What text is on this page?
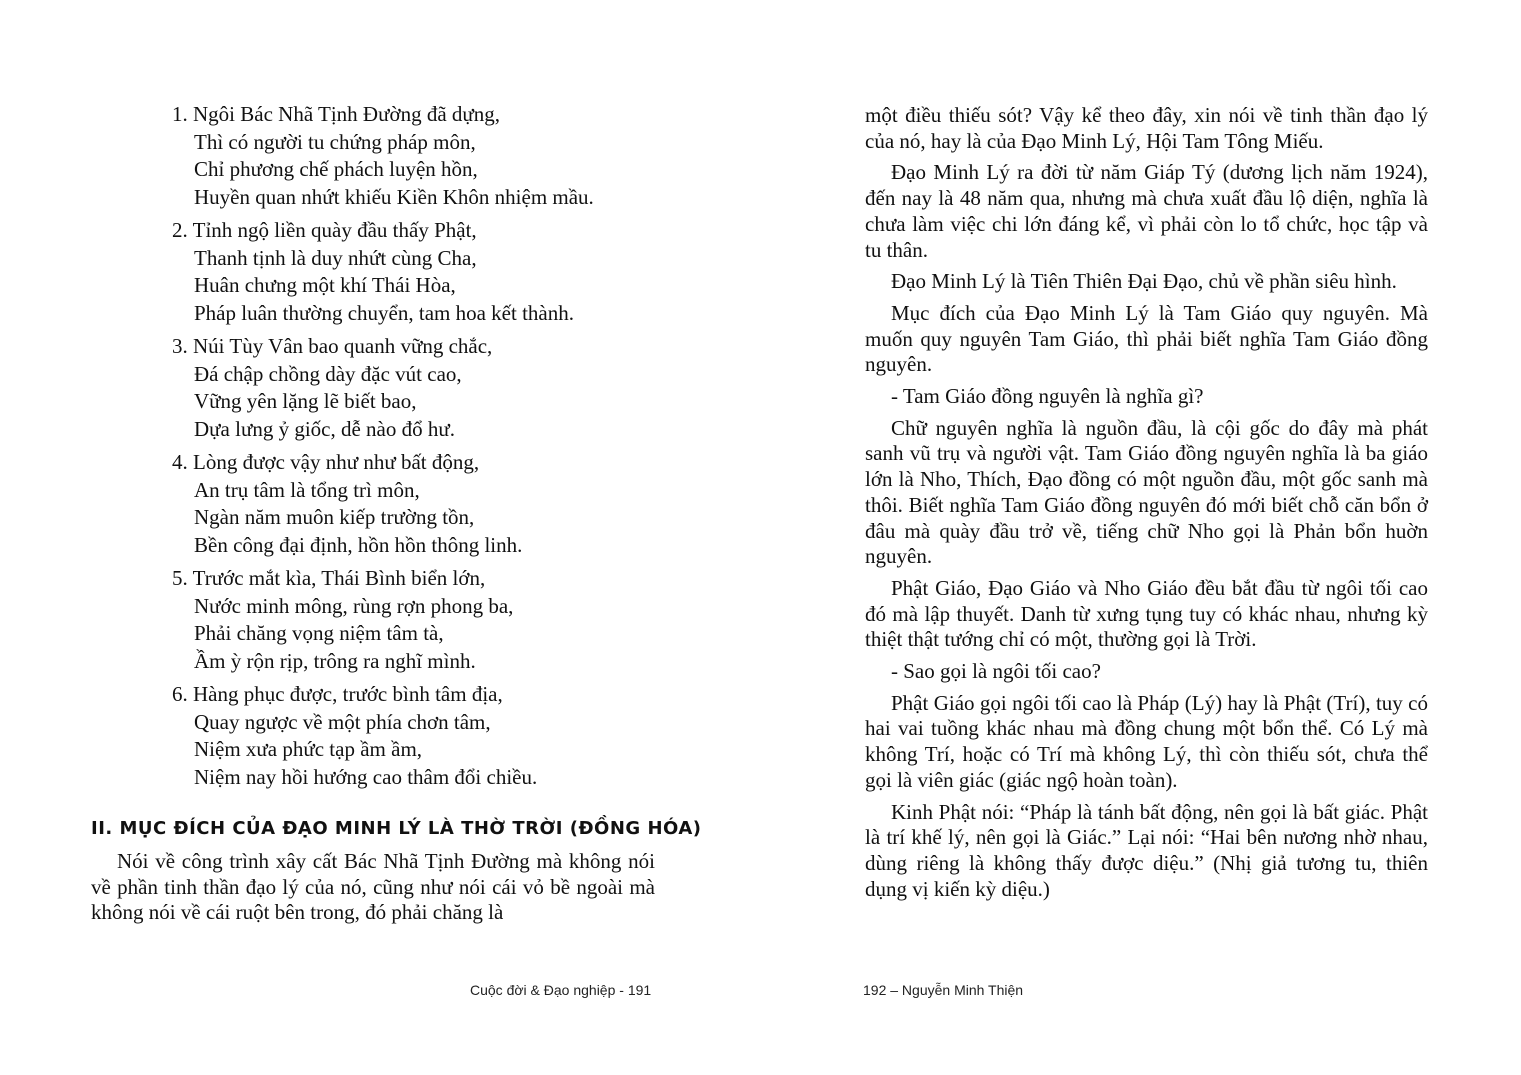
1. Ngôi Bác Nhã Tịnh Đường đã dựng,
Thì có người tu chứng pháp môn,
Chỉ phương chế phách luyện hồn,
Huyền quan nhứt khiếu Kiền Khôn nhiệm mầu.
2. Tỉnh ngộ liền quày đầu thấy Phật,
Thanh tịnh là duy nhứt cùng Cha,
Huân chưng một khí Thái Hòa,
Pháp luân thường chuyển, tam hoa kết thành.
3. Núi Tùy Vân bao quanh vững chắc,
Đá chập chồng dày đặc vút cao,
Vững yên lặng lẽ biết bao,
Dựa lưng ỷ giốc, dễ nào đổ hư.
4. Lòng được vậy như như bất động,
An trụ tâm là tổng trì môn,
Ngàn năm muôn kiếp trường tồn,
Bền công đại định, hồn hồn thông linh.
5. Trước mắt kìa, Thái Bình biển lớn,
Nước minh mông, rùng rợn phong ba,
Phải chăng vọng niệm tâm tà,
Ầm ỳ rộn rịp, trông ra nghĩ mình.
6. Hàng phục được, trước bình tâm địa,
Quay ngược về một phía chơn tâm,
Niệm xưa phức tạp ầm ầm,
Niệm nay hồi hướng cao thâm đổi chiều.
II. MỤC ĐÍCH CỦA ĐẠO MINH LÝ LÀ THỜ TRỜI (ĐỒNG HÓA)

Nói về công trình xây cất Bác Nhã Tịnh Đường mà không nói về phần tinh thần đạo lý của nó, cũng như nói cái vỏ bề ngoài mà không nói về cái ruột bên trong, đó phải chăng là

Cuộc đời & Đạo nghiệp - 191

một điều thiếu sót? Vậy kể theo đây, xin nói về tinh thần đạo lý của nó, hay là của Đạo Minh Lý, Hội Tam Tông Miếu.

Đạo Minh Lý ra đời từ năm Giáp Tý (dương lịch năm 1924), đến nay là 48 năm qua, nhưng mà chưa xuất đầu lộ diện, nghĩa là chưa làm việc chi lớn đáng kể, vì phải còn lo tổ chức, học tập và tu thân.

Đạo Minh Lý là Tiên Thiên Đại Đạo, chủ về phần siêu hình.

Mục đích của Đạo Minh Lý là Tam Giáo quy nguyên. Mà muốn quy nguyên Tam Giáo, thì phải biết nghĩa Tam Giáo đồng nguyên.

- Tam Giáo đồng nguyên là nghĩa gì?

Chữ nguyên nghĩa là nguồn đầu, là cội gốc do đây mà phát sanh vũ trụ và người vật. Tam Giáo đồng nguyên nghĩa là ba giáo lớn là Nho, Thích, Đạo đồng có một nguồn đầu, một gốc sanh mà thôi. Biết nghĩa Tam Giáo đồng nguyên đó mới biết chỗ căn bổn ở đâu mà quày đầu trở về, tiếng chữ Nho gọi là Phản bổn huờn nguyên.

Phật Giáo, Đạo Giáo và Nho Giáo đều bắt đầu từ ngôi tối cao đó mà lập thuyết. Danh từ xưng tụng tuy có khác nhau, nhưng kỳ thiệt thật tướng chỉ có một, thường gọi là Trời.

- Sao gọi là ngôi tối cao?

Phật Giáo gọi ngôi tối cao là Pháp (Lý) hay là Phật (Trí), tuy có hai vai tuồng khác nhau mà đồng chung một bổn thể. Có Lý mà không Trí, hoặc có Trí mà không Lý, thì còn thiếu sót, chưa thể gọi là viên giác (giác ngộ hoàn toàn).

Kinh Phật nói: “Pháp là tánh bất động, nên gọi là bất giác. Phật là trí khế lý, nên gọi là Giác.” Lại nói: “Hai bên nương nhờ nhau, dùng riêng là không thấy được diệu.” (Nhị giả tương tu, thiên dụng vị kiến kỳ diệu.)

192 – Nguyễn Minh Thiện
